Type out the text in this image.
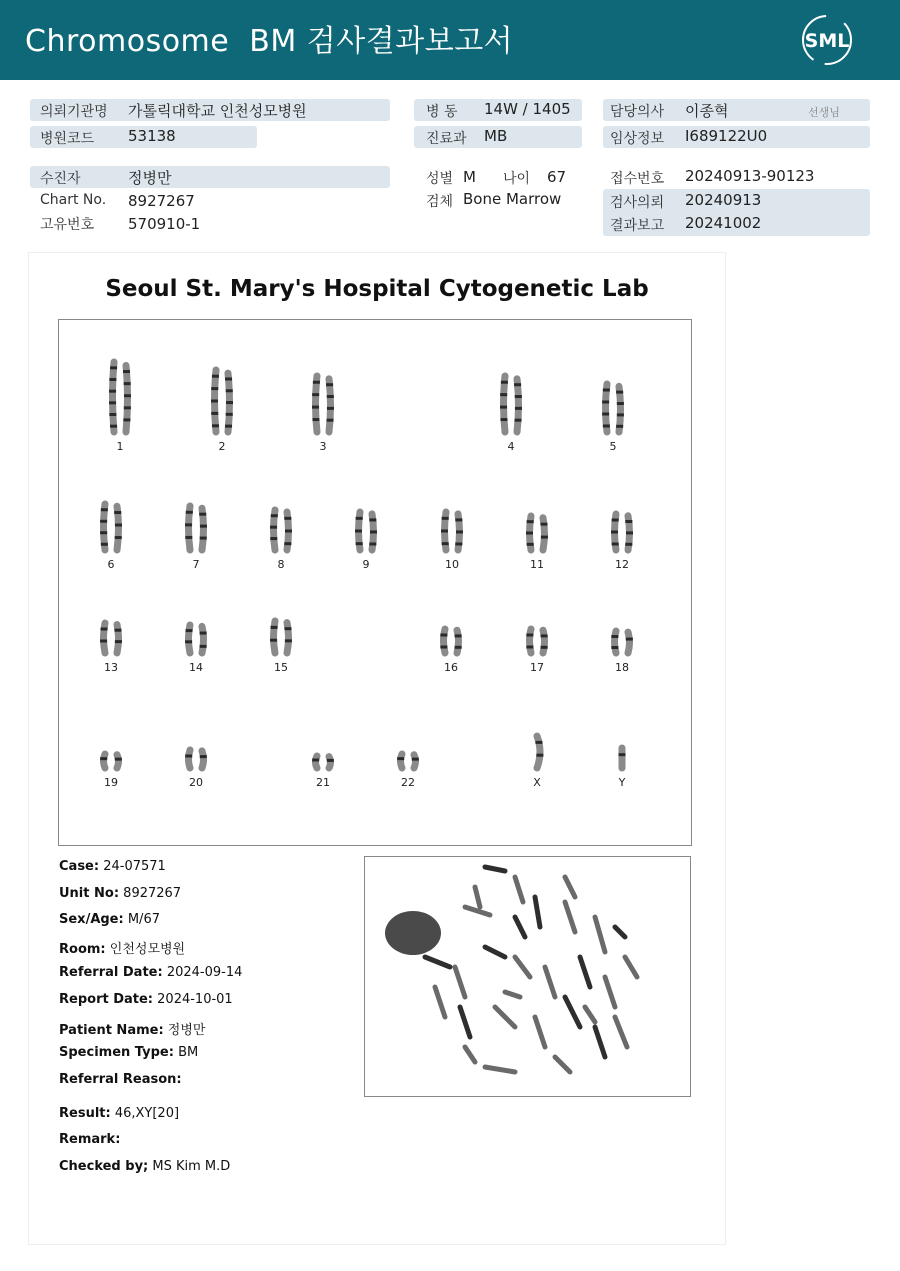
Chromosome  BM 검사결과보고서	SML
의뢰기관명 가톨릭대학교 인천성모병원
병원코드 53138
병 동 14W / 1405
진료과 MB
담당의사 이종혁	선생님
임상정보 I689122U0
수진자	정병만
Chart No. 8927267
고유번호 570910-1
성별 M 나이 67
검체 Bone Marrow
접수번호 20240913-90123
검사의뢰 20240913
결과보고 20241002
Seoul St. Mary's Hospital Cytogenetic Lab
1	2	3	4	5
6	7	8	9	10	11	12
13	14	15	16	17	18
19	20	21	22	X	Y
Case: 24-07571
Unit No: 8927267
Sex/Age: M/67
Room: 인천성모병원
Referral Date: 2024-09-14
Report Date: 2024-10-01
Patient Name: 정병만
Specimen Type: BM
Referral Reason:
Result: 46,XY[20]
Remark:
Checked by; MS Kim M.D
